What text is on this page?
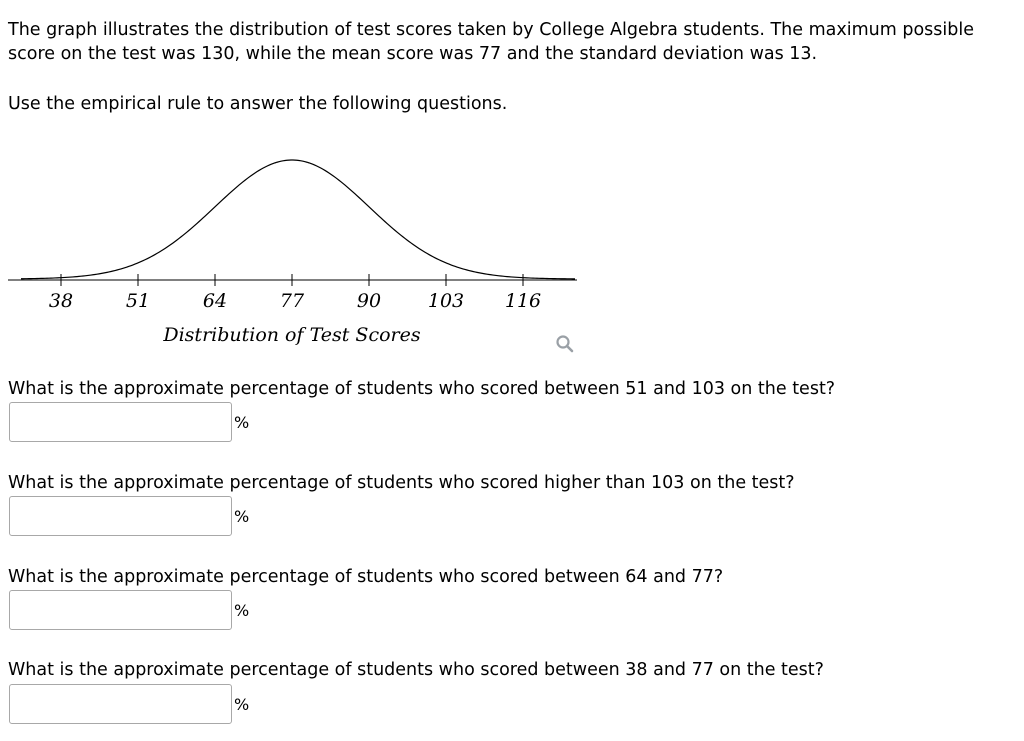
The graph illustrates the distribution of test scores taken by College Algebra students. The maximum possible score on the test was 130, while the mean score was 77 and the standard deviation was 13.

Use the empirical rule to answer the following questions.

38	51	64	77	90 103 116
Distribution of Test Scores

What is the approximate percentage of students who scored between 51 and 103 on the test?

%

What is the approximate percentage of students who scored higher than 103 on the test?

%

What is the approximate percentage of students who scored between 64 and 77?

%

What is the approximate percentage of students who scored between 38 and 77 on the test?

%
